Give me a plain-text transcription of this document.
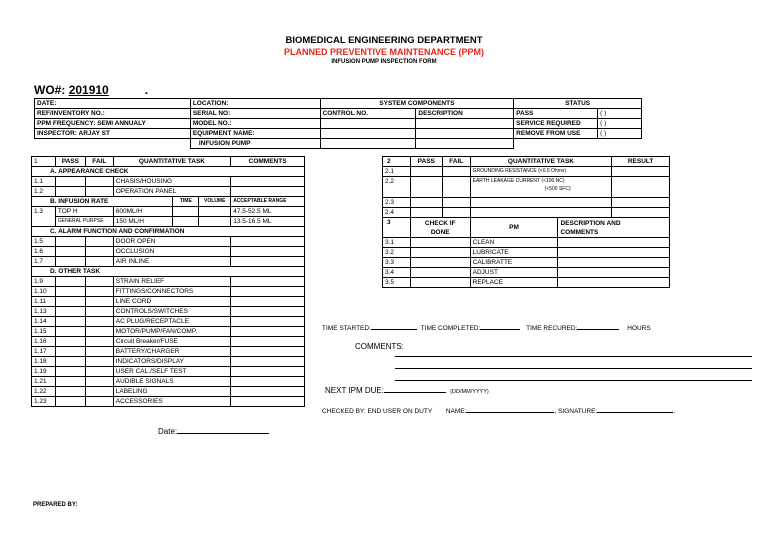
BIOMEDICAL ENGINEERING DEPARTMENT
PLANNED PREVENTIVE MAINTENANCE (PPM)
INFUSION PUMP INSPECTION FORM
WO#: 201910	.
DATE:	LOCATION:	SYSTEM COMPONENTS		STATUS	
REF/INVENTORY NO.:	SERIAL NO:	CONTROL NO.	DESCRIPTION	PASS	( )
PPM FREQUENCY: SEMI ANNUALY	MODEL NO.:			SERVICE REQUIRED	( )
INSPECTOR: ARJAY ST	EQUIPMENT NAME:			REMOVE FROM USE	( )
	INFUSION PUMP				
1	PASS	FAIL	QUANTITATIVE TASK			COMMENTS
A. APPEARANCE CHECK						
1.1			CHASIS/HOUSING			
1.2			OPERATION PANEL			
B. INFUSION RATE				TIME	VOLUME	ACCEPTABLE RANGE
1.3	TOP H		600ML/H			47.5-52.5 ML
	GENERAL PURPSE		150 ML/H			13.5-16.5 ML
C. ALARM FUNCTION AND CONFIRMATION						
1.5			DOOR OPEN			
1.6			OCCLUSION			
1.7			AIR INLINE			
D. OTHER TASK						
1.9			STRAIN RELIEF			
1.10			FITTINGS/CONNECTORS			
1.11			LINE CORD			
1.13			CONTROLS/SWITCHES			
1.14			AC PLUG/RECEPTACLE			
1.15			MOTOR/PUMP/FAN/COMP.			
1.16			Circuit Breaker/FUSE			
1.17			BATTERY/CHARGER			
1.18			INDICATORS/DISPLAY			
1.19			USER CAL./SELF TEST			
1.21			AUDIBLE SIGNALS			
1.22			LABELING			
1.23			ACCESSORIES			
Date:
2	PASS	FAIL	QUANTITATIVE TASK		RESULT
2.1			GROUNDING RESISTANCE (<0.5 Ohms)		
2.2			EARTH LEAKAGE CURRENT (<100 NC)
(<500 SFC)		
2.3					
2.4					
3	CHECK IF
DONE		PM	DESCRIPTION AND
COMMENTS	
3.1			CLEAN		
3.2			LUBRICATE		
3.3			CALIBRATTE		
3.4			ADJUST		
3.5			REPLACE		
TIME STARTED:	TIME COMPLETED:	TIME RECURED:	HOURS
COMMENTS:
NEXT IPM DUE:	(DD/MM/YYYY)
CHECKED BY: END USER ON DUTY NAME:	, SIGNATURE:	.
PREPARED BY:
